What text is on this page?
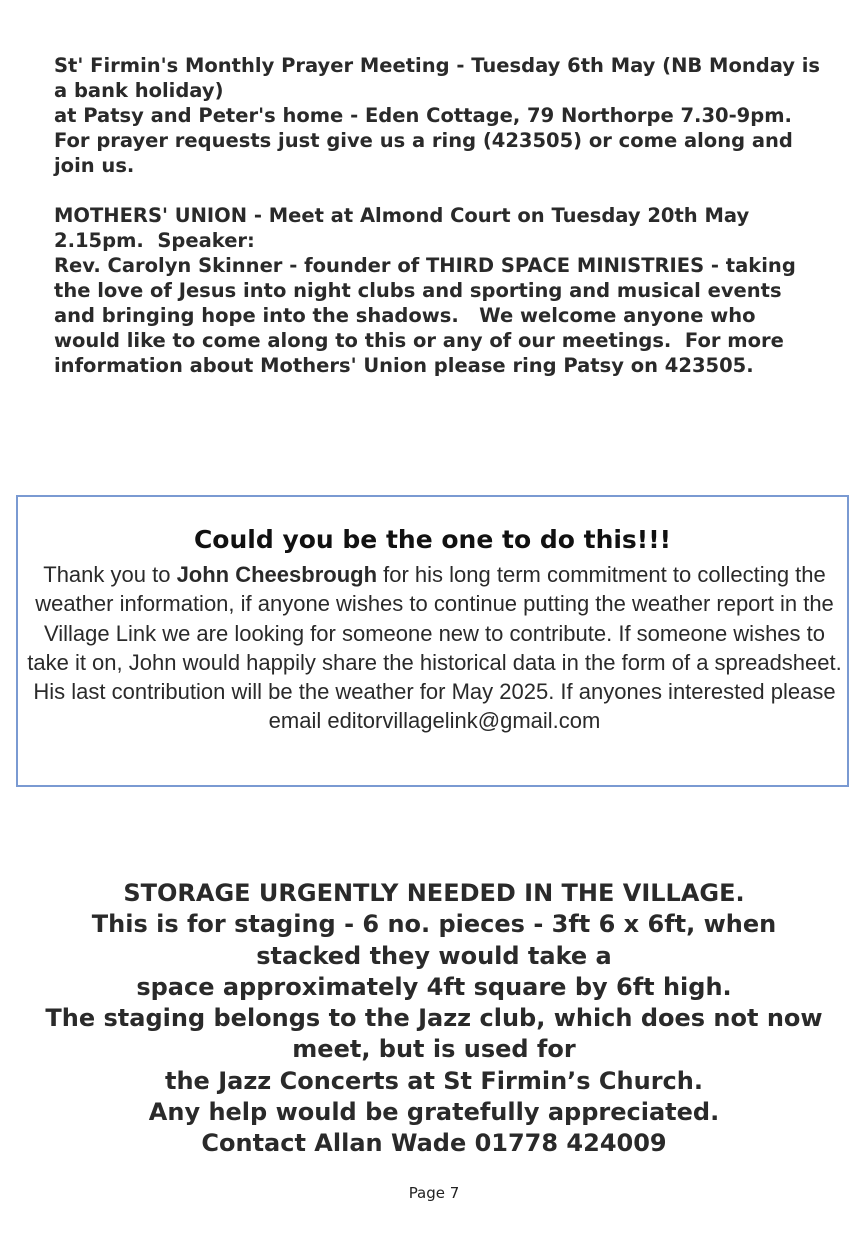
St' Firmin's Monthly Prayer Meeting - Tuesday 6th May (NB Monday is a bank holiday)
at Patsy and Peter's home - Eden Cottage, 79 Northorpe 7.30-9pm.
For prayer requests just give us a ring (423505) or come along and join us.

MOTHERS' UNION - Meet at Almond Court on Tuesday 20th May 2.15pm.  Speaker:
Rev. Carolyn Skinner - founder of THIRD SPACE MINISTRIES - taking the love of Jesus into night clubs and sporting and musical events and bringing hope into the shadows.   We welcome anyone who would like to come along to this or any of our meetings.  For more information about Mothers' Union please ring Patsy on 423505.

Could you be the one to do this!!!
Thank you to John Cheesbrough for his long term commitment to collecting the weather information, if anyone wishes to continue putting the weather report in the Village Link we are looking for someone new to contribute. If someone wishes to take it on, John would happily share the historical data in the form of a spreadsheet.
His last contribution will be the weather for May 2025. If anyones interested please email editorvillagelink@gmail.com
STORAGE URGENTLY NEEDED IN THE VILLAGE.
This is for staging - 6 no. pieces - 3ft 6 x 6ft, when stacked they would take a
space approximately 4ft square by 6ft high.
The staging belongs to the Jazz club, which does not now meet, but is used for
the Jazz Concerts at St Firmin’s Church.
Any help would be gratefully appreciated.
Contact Allan Wade 01778 424009
Page 7
